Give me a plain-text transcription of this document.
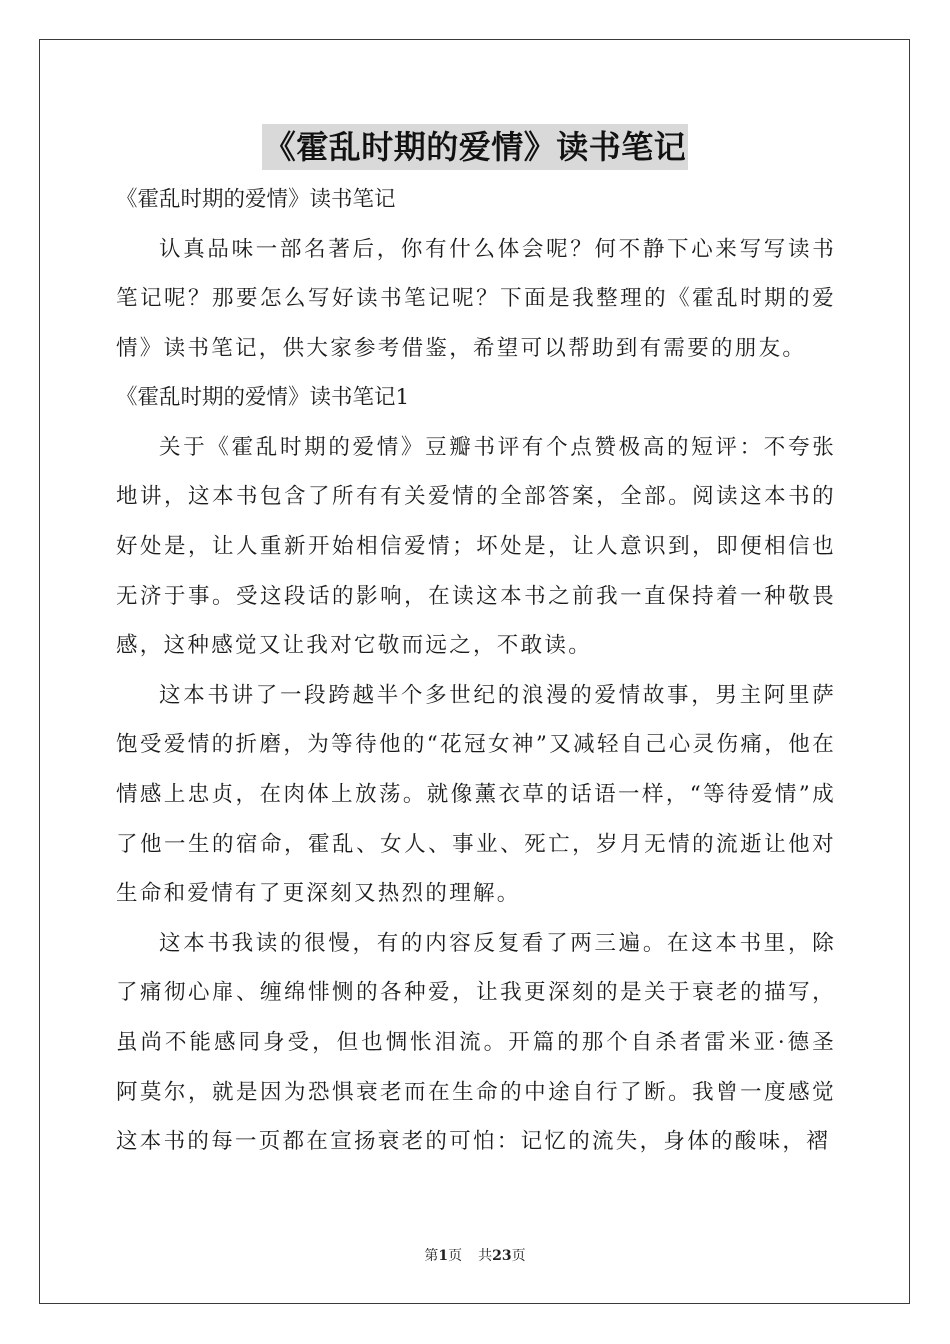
《霍乱时期的爱情》读书笔记

《霍乱时期的爱情》读书笔记

认真品味一部名著后，你有什么体会呢？何不静下心来写写读书笔记呢？那要怎么写好读书笔记呢？下面是我整理的《霍乱时期的爱情》读书笔记，供大家参考借鉴，希望可以帮助到有需要的朋友。

《霍乱时期的爱情》读书笔记1

关于《霍乱时期的爱情》豆瓣书评有个点赞极高的短评：不夸张地讲，这本书包含了所有有关爱情的全部答案，全部。阅读这本书的好处是，让人重新开始相信爱情；坏处是，让人意识到，即便相信也无济于事。受这段话的影响，在读这本书之前我一直保持着一种敬畏感，这种感觉又让我对它敬而远之，不敢读。

这本书讲了一段跨越半个多世纪的浪漫的爱情故事，男主阿里萨饱受爱情的折磨，为等待他的“花冠女神”又减轻自己心灵伤痛，他在情感上忠贞，在肉体上放荡。就像薰衣草的话语一样，“等待爱情”成了他一生的宿命，霍乱、女人、事业、死亡，岁月无情的流逝让他对生命和爱情有了更深刻又热烈的理解。

这本书我读的很慢，有的内容反复看了两三遍。在这本书里，除了痛彻心扉、缠绵悱恻的各种爱，让我更深刻的是关于衰老的描写，虽尚不能感同身受，但也惆怅泪流。开篇的那个自杀者雷米亚·德圣阿莫尔，就是因为恐惧衰老而在生命的中途自行了断。我曾一度感觉这本书的每一页都在宣扬衰老的可怕：记忆的流失，身体的酸味，褶

第1页 共23页
